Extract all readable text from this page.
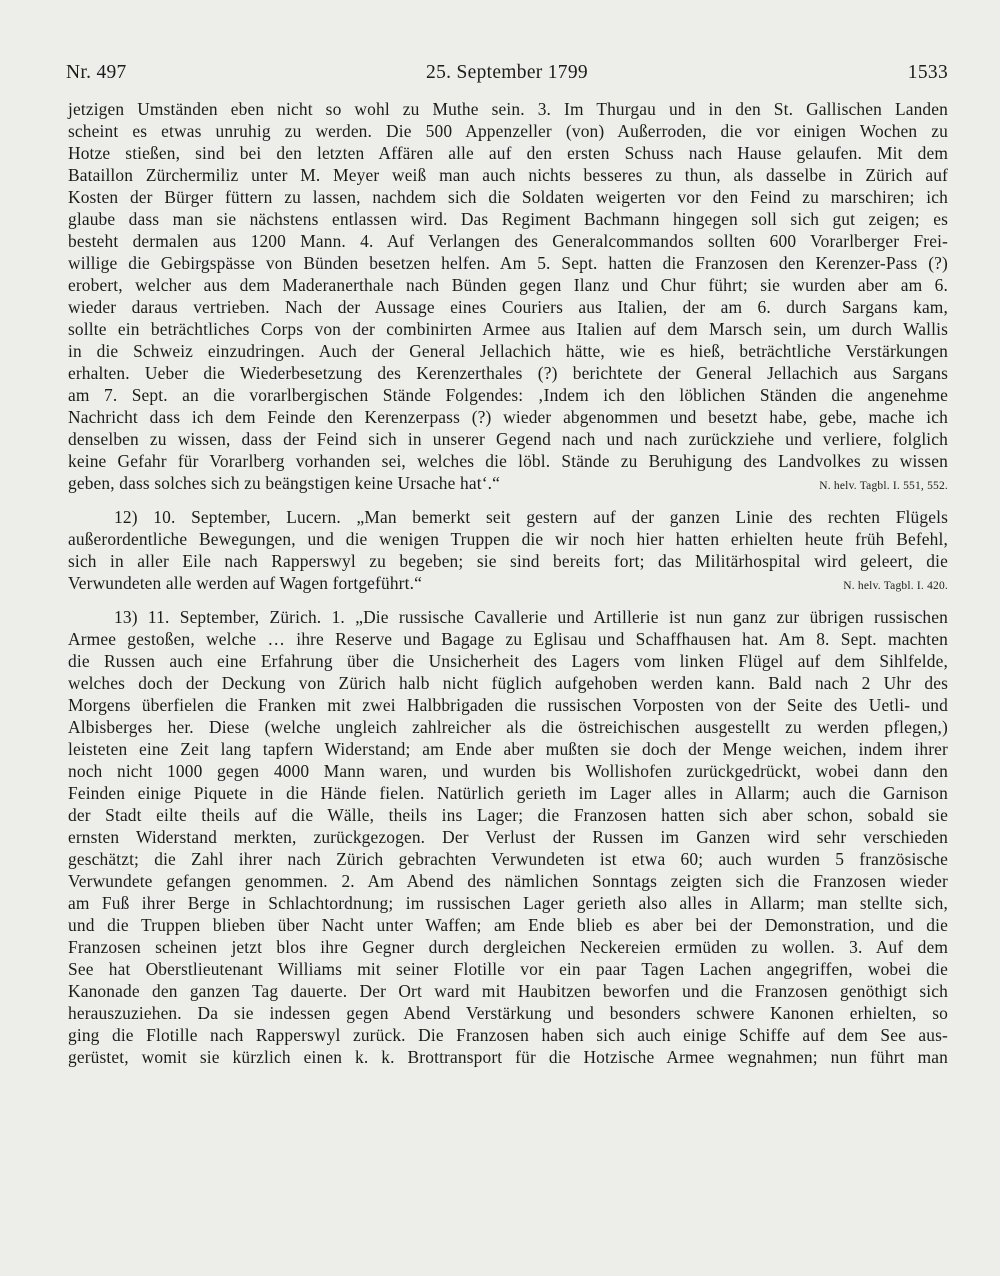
Nr. 497	25. September 1799	1533
jetzigen Umständen eben nicht so wohl zu Muthe sein. 3. Im Thurgau und in den St. Gallischen Landen
scheint es etwas unruhig zu werden. Die 500 Appenzeller (von) Außerroden, die vor einigen Wochen zu
Hotze stießen, sind bei den letzten Affären alle auf den ersten Schuss nach Hause gelaufen. Mit dem
Bataillon Zürchermiliz unter M. Meyer weiß man auch nichts besseres zu thun, als dasselbe in Zürich auf
Kosten der Bürger füttern zu lassen, nachdem sich die Soldaten weigerten vor den Feind zu marschiren; ich
glaube dass man sie nächstens entlassen wird. Das Regiment Bachmann hingegen soll sich gut zeigen; es
besteht dermalen aus 1200 Mann. 4. Auf Verlangen des Generalcommandos sollten 600 Vorarlberger Frei-
willige die Gebirgspässe von Bünden besetzen helfen. Am 5. Sept. hatten die Franzosen den Kerenzer-Pass (?)
erobert, welcher aus dem Maderanerthale nach Bünden gegen Ilanz und Chur führt; sie wurden aber am 6.
wieder daraus vertrieben. Nach der Aussage eines Couriers aus Italien, der am 6. durch Sargans kam,
sollte ein beträchtliches Corps von der combinirten Armee aus Italien auf dem Marsch sein, um durch Wallis
in die Schweiz einzudringen. Auch der General Jellachich hätte, wie es hieß, beträchtliche Verstärkungen
erhalten. Ueber die Wiederbesetzung des Kerenzerthales (?) berichtete der General Jellachich aus Sargans
am 7. Sept. an die vorarlbergischen Stände Folgendes: ‚Indem ich den löblichen Ständen die angenehme
Nachricht dass ich dem Feinde den Kerenzerpass (?) wieder abgenommen und besetzt habe, gebe, mache ich
denselben zu wissen, dass der Feind sich in unserer Gegend nach und nach zurückziehe und verliere, folglich
keine Gefahr für Vorarlberg vorhanden sei, welches die löbl. Stände zu Beruhigung des Landvolkes zu wissen
geben, dass solches sich zu beängstigen keine Ursache hat‘.“	N. helv. Tagbl. I. 551, 552.
12) 10. September, Lucern. „Man bemerkt seit gestern auf der ganzen Linie des rechten Flügels
außerordentliche Bewegungen, und die wenigen Truppen die wir noch hier hatten erhielten heute früh Befehl,
sich in aller Eile nach Rapperswyl zu begeben; sie sind bereits fort; das Militärhospital wird geleert, die
Verwundeten alle werden auf Wagen fortgeführt.“	N. helv. Tagbl. I. 420.
13) 11. September, Zürich. 1. „Die russische Cavallerie und Artillerie ist nun ganz zur übrigen russischen
Armee gestoßen, welche … ihre Reserve und Bagage zu Eglisau und Schaffhausen hat. Am 8. Sept. machten
die Russen auch eine Erfahrung über die Unsicherheit des Lagers vom linken Flügel auf dem Sihlfelde,
welches doch der Deckung von Zürich halb nicht füglich aufgehoben werden kann. Bald nach 2 Uhr des
Morgens überfielen die Franken mit zwei Halbbrigaden die russischen Vorposten von der Seite des Uetli- und
Albisberges her. Diese (welche ungleich zahlreicher als die östreichischen ausgestellt zu werden pflegen,)
leisteten eine Zeit lang tapfern Widerstand; am Ende aber mußten sie doch der Menge weichen, indem ihrer
noch nicht 1000 gegen 4000 Mann waren, und wurden bis Wollishofen zurückgedrückt, wobei dann den
Feinden einige Piquete in die Hände fielen. Natürlich gerieth im Lager alles in Allarm; auch die Garnison
der Stadt eilte theils auf die Wälle, theils ins Lager; die Franzosen hatten sich aber schon, sobald sie
ernsten Widerstand merkten, zurückgezogen. Der Verlust der Russen im Ganzen wird sehr verschieden
geschätzt; die Zahl ihrer nach Zürich gebrachten Verwundeten ist etwa 60; auch wurden 5 französische
Verwundete gefangen genommen. 2. Am Abend des nämlichen Sonntags zeigten sich die Franzosen wieder
am Fuß ihrer Berge in Schlachtordnung; im russischen Lager gerieth also alles in Allarm; man stellte sich,
und die Truppen blieben über Nacht unter Waffen; am Ende blieb es aber bei der Demonstration, und die
Franzosen scheinen jetzt blos ihre Gegner durch dergleichen Neckereien ermüden zu wollen. 3. Auf dem
See hat Oberstlieutenant Williams mit seiner Flotille vor ein paar Tagen Lachen angegriffen, wobei die
Kanonade den ganzen Tag dauerte. Der Ort ward mit Haubitzen beworfen und die Franzosen genöthigt sich
herauszuziehen. Da sie indessen gegen Abend Verstärkung und besonders schwere Kanonen erhielten, so
ging die Flotille nach Rapperswyl zurück. Die Franzosen haben sich auch einige Schiffe auf dem See aus-
gerüstet, womit sie kürzlich einen k. k. Brottransport für die Hotzische Armee wegnahmen; nun führt man
